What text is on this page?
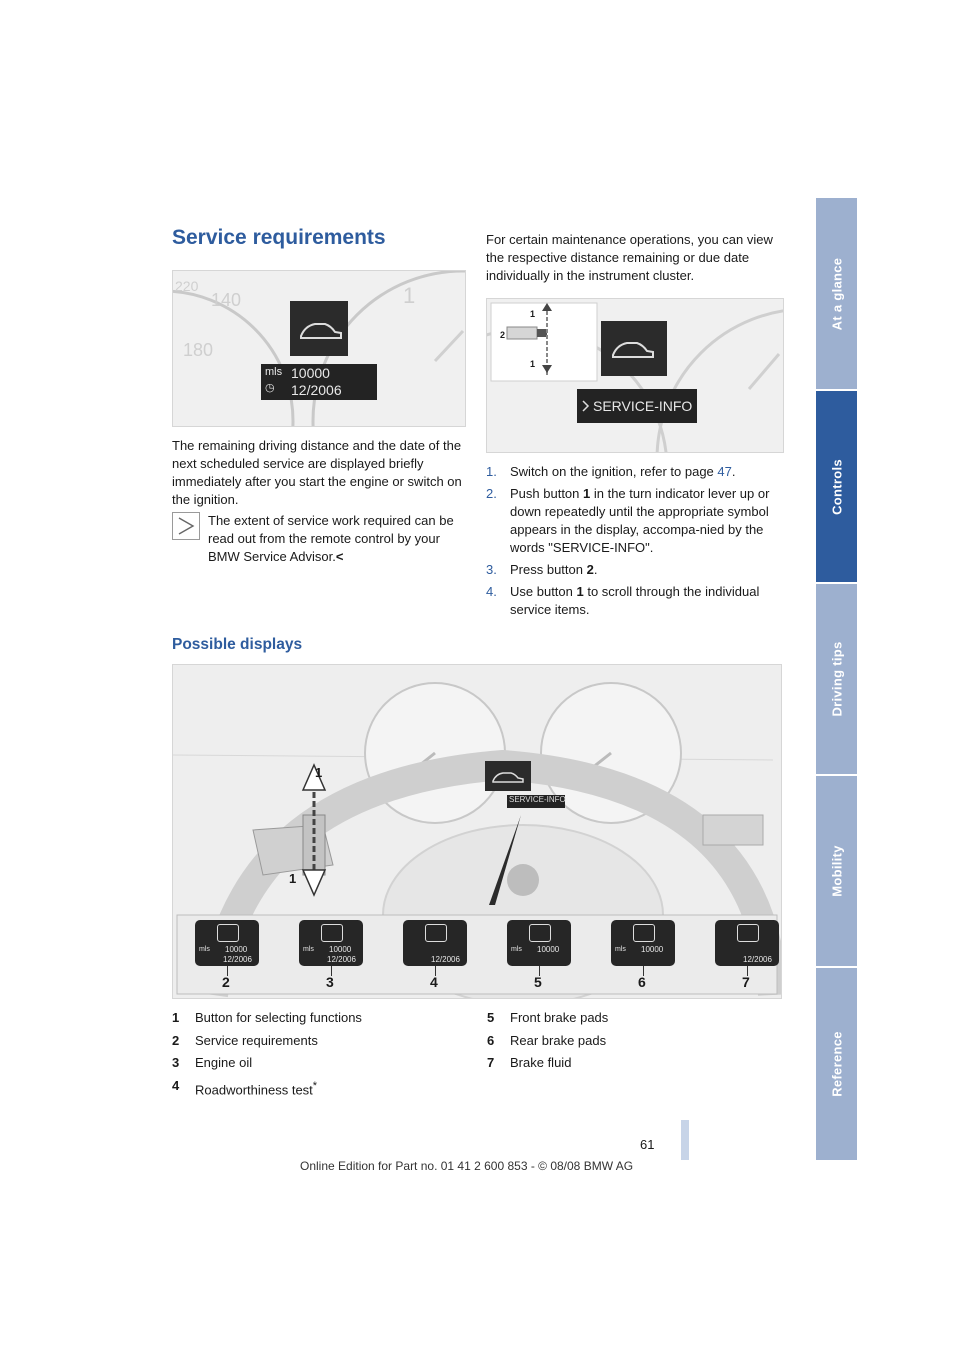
At a glance
Controls
Driving tips
Mobility
Reference
Service requirements
220
140
180
1
mls 10000
◷ 12/2006

The remaining driving distance and the date of the next scheduled service are displayed briefly immediately after you start the engine or switch on the ignition.

The extent of service work required can be read out from the remote control by your BMW Service Advisor.<

For certain maintenance operations, you can view the respective distance remaining or due date individually in the instrument cluster.

1
1
2
SERVICE-INFO
1. Switch on the ignition, refer to page 47.
2. Push button 1 in the turn indicator lever up or down repeatedly until the appropriate symbol appears in the display, accompa-nied by the words "SERVICE-INFO".
3. Press button 2.
4. Use button 1 to scroll through the individual service items.
Possible displays
1
1
SERVICE-INFO
mls 10000
12/2006
2
mls 10000
12/2006
3
12/2006
4
mls 10000
5
mls 10000
6
12/2006
7
1 Button for selecting functions
2 Service requirements
3 Engine oil
4 Roadworthiness test*
5 Front brake pads
6 Rear brake pads
7 Brake fluid
61
Online Edition for Part no. 01 41 2 600 853 - © 08/08 BMW AG
